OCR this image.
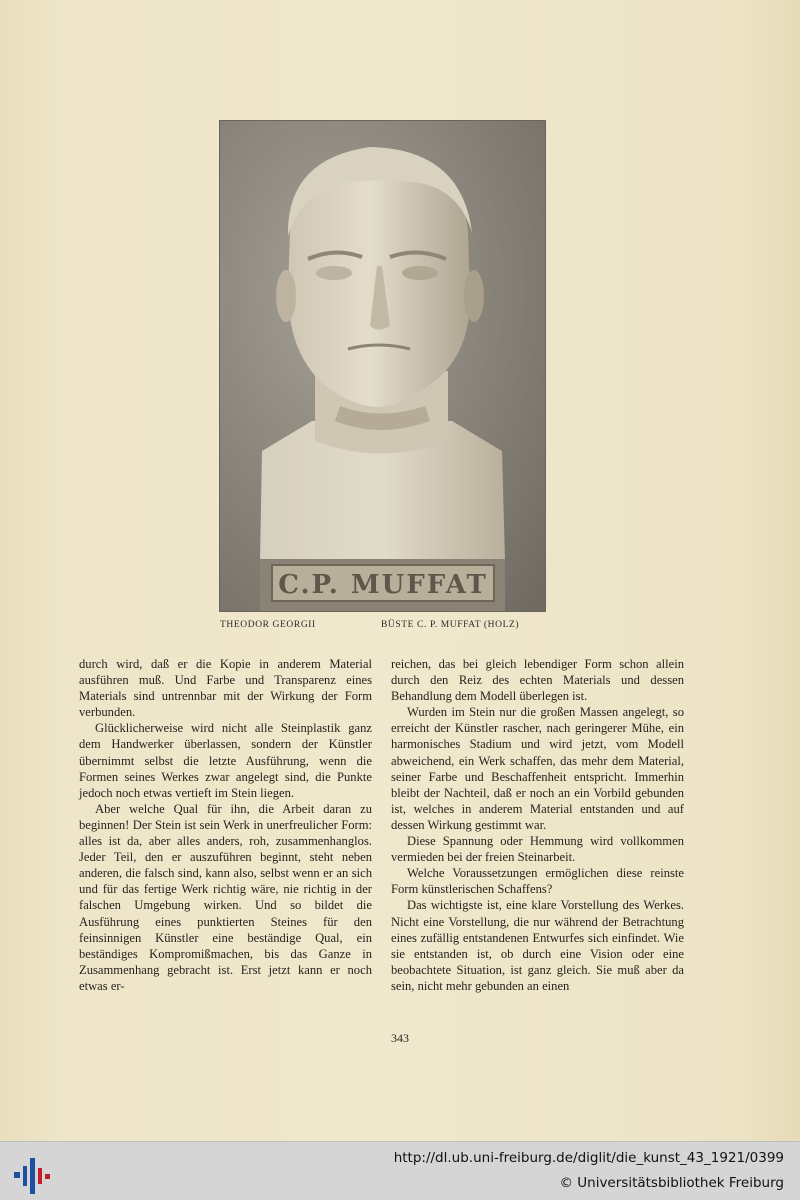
C.P. MUFFAT
THEODOR GEORGII	BÜSTE C. P. MUFFAT (HOLZ)

durch wird, daß er die Kopie in anderem Material ausführen muß. Und Farbe und Transparenz eines Materials sind untrennbar mit der Wirkung der Form verbunden.

Glücklicherweise wird nicht alle Steinplastik ganz dem Handwerker überlassen, sondern der Künstler übernimmt selbst die letzte Ausführung, wenn die Formen seines Werkes zwar angelegt sind, die Punkte jedoch noch etwas vertieft im Stein liegen.

Aber welche Qual für ihn, die Arbeit daran zu beginnen! Der Stein ist sein Werk in unerfreulicher Form: alles ist da, aber alles anders, roh, zusammenhanglos. Jeder Teil, den er auszuführen beginnt, steht neben anderen, die falsch sind, kann also, selbst wenn er an sich und für das fertige Werk richtig wäre, nie richtig in der falschen Umgebung wirken. Und so bildet die Ausführung eines punktierten Steines für den feinsinnigen Künstler eine beständige Qual, ein beständiges Kompromißmachen, bis das Ganze in Zusammenhang gebracht ist. Erst jetzt kann er noch etwas er-

reichen, das bei gleich lebendiger Form schon allein durch den Reiz des echten Materials und dessen Behandlung dem Modell überlegen ist.

Wurden im Stein nur die großen Massen angelegt, so erreicht der Künstler rascher, nach geringerer Mühe, ein harmonisches Stadium und wird jetzt, vom Modell abweichend, ein Werk schaffen, das mehr dem Material, seiner Farbe und Beschaffenheit entspricht. Immerhin bleibt der Nachteil, daß er noch an ein Vorbild gebunden ist, welches in anderem Material entstanden und auf dessen Wirkung gestimmt war.

Diese Spannung oder Hemmung wird vollkommen vermieden bei der freien Steinarbeit.

Welche Voraussetzungen ermöglichen diese reinste Form künstlerischen Schaffens?

Das wichtigste ist, eine klare Vorstellung des Werkes. Nicht eine Vorstellung, die nur während der Betrachtung eines zufällig entstandenen Entwurfes sich einfindet. Wie sie entstanden ist, ob durch eine Vision oder eine beobachtete Situation, ist ganz gleich. Sie muß aber da sein, nicht mehr gebunden an einen

343
http://dl.ub.uni-freiburg.de/diglit/die_kunst_43_1921/0399
© Universitätsbibliothek Freiburg
